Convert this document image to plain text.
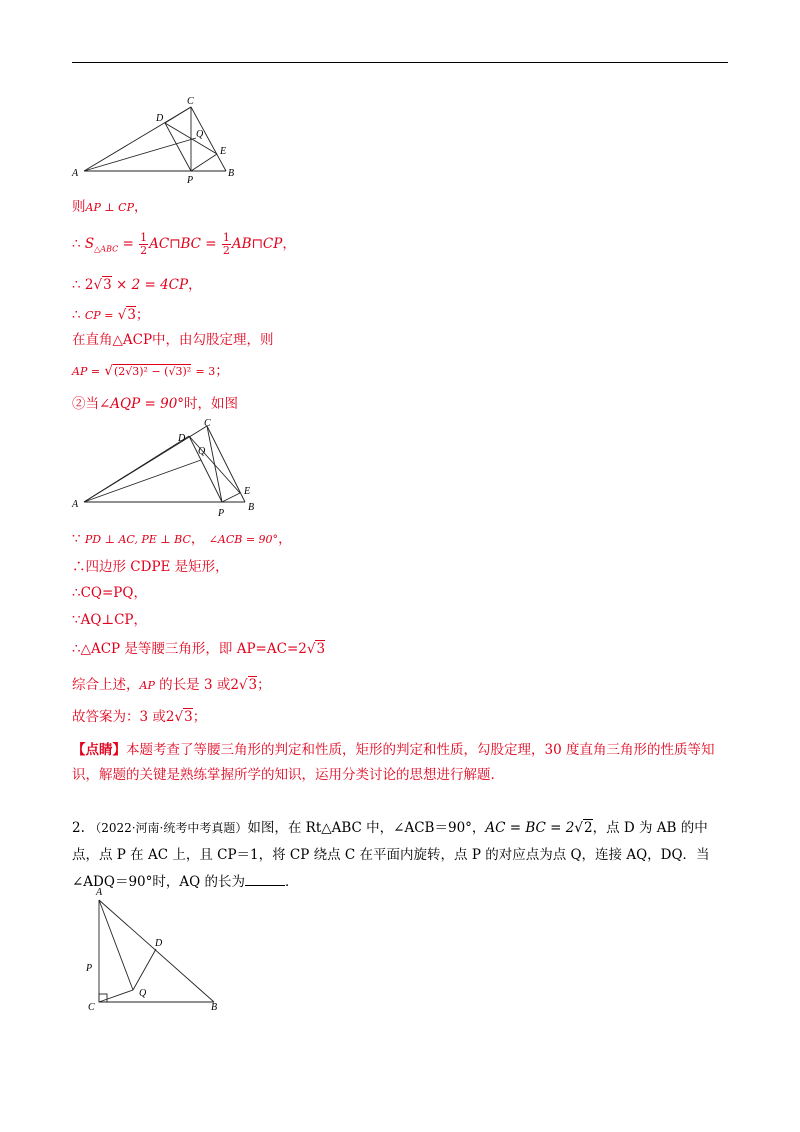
C
D
Q
E
A
P
B
则AP ⊥ CP，
∴ $S_{\triangle ABC} = \frac{1}{2}$ AC⊓BC = $\frac{1}{2}$ AB⊓CP，
∴ 2√3 × 2 = 4CP，
∴ CP = √3；
在直角△ACP中，由勾股定理，则
AP = √(2√3)² − (√3)² = 3；
②当∠AQP = 90°时，如图
C
D
Q
E
A
P
B
∵ PD ⊥ AC, PE ⊥ BC， ∠ACB = 90°，
∴四边形 CDPE 是矩形，
∴CQ=PQ，
∵AQ⊥CP，
∴△ACP 是等腰三角形，即 AP=AC=2√3
综合上述，AP 的长是 3 或2√3；
故答案为：3 或2√3；
【点睛】本题考查了等腰三角形的判定和性质，矩形的判定和性质，勾股定理，30 度直角三角形的性质等知识，解题的关键是熟练掌握所学的知识，运用分类讨论的思想进行解题.
2. （2022·河南·统考中考真题）如图，在 Rt△ABC 中，∠ACB＝90°，AC = BC = 2√2，点 D 为 AB 的中点，点 P 在 AC 上，且 CP＝1，将 CP 绕点 C 在平面内旋转，点 P 的对应点为点 Q，连接 AQ，DQ．当∠ADQ＝90°时，AQ 的长为	．
A
D
P
Q
C	B
